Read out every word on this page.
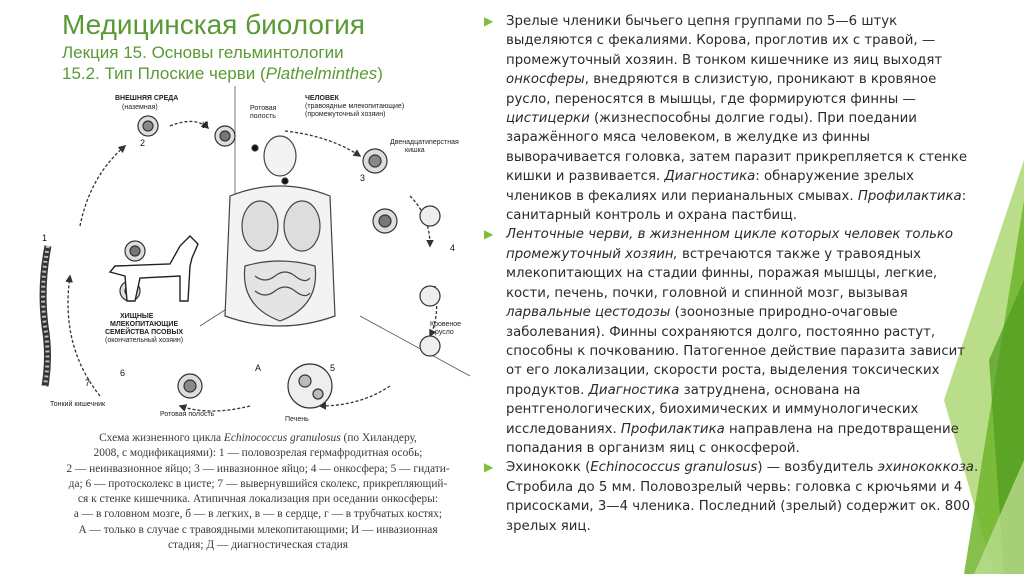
Медицинская биология
Лекция 15. Основы гельминтологии
15.2. Тип Плоские черви (Plathelminthes)
ВНЕШНЯЯ СРЕДА
(наземная)	Ротовая
полость
ЧЕЛОВЕК
(травоядные млекопитающие)
(промежуточный хозяин)
Двенадцатиперстная
кишка
Кровеное
русло
Печень
Ротовая полость
Тонкий кишечник
ХИЩНЫЕ
МЛЕКОПИТАЮЩИЕ
СЕМЕЙСТВА ПСОВЫХ
(окончательный хозяин)
1
2
3
4
5
6
7
А
И

Схема жизненного цикла Echinococcus granulosus (по Хиландеру,

2008, с модификациями): 1 — половозрелая гермафродитная особь;

2 — неинвазионное яйцо; 3 — инвазионное яйцо; 4 — онкосфера; 5 — гидати-

да; 6 — протосколекс в цисте; 7 — вывернувшийся сколекс, прикрепляющий-

ся к стенке кишечника. Атипичная локализация при оседании онкосферы:

а — в головном мозге, б — в легких, в — в сердце, г — в трубчатых костях;

А — только в случае с травоядными млекопитающими; И — инвазионная

стадия; Д — диагностическая стадия

▶ Зрелые членики бычьего цепня группами по 5—6 штук выделяются с фекалиями. Корова, проглотив их с травой, — промежуточный хозяин. В тонком кишечнике из яиц выходят онкосферы, внедряются в слизистую, проникают в кровяное русло, переносятся в мышцы, где формируются финны — цистицерки (жизнеспособны долгие годы). При поедании заражённого мяса человеком, в желудке из финны выворачивается головка, затем паразит прикрепляется к стенке кишки и развивается. Диагностика: обнаружение зрелых члеников в фекалиях или перианальных смывах. Профилактика: санитарный контроль и охрана пастбищ.

▶ Ленточные черви, в жизненном цикле которых человек только промежуточный хозяин, встречаются также у травоядных млекопитающих на стадии финны, поражая мышцы, легкие, кости, печень, почки, головной и спинной мозг, вызывая ларвальные цестодозы (зоонозные природно-очаговые заболевания). Финны сохраняются долго, постоянно растут, способны к почкованию. Патогенное действие паразита зависит от его локализации, скорости роста, выделения токсических продуктов. Диагностика затруднена, основана на рентгенологических, биохимических и иммунологических исследованиях. Профилактика направлена на предотвращение попадания в организм яиц с онкосферой.

▶ Эхинококк (Echinococcus granulosus) — возбудитель эхинококкоза. Стробила до 5 мм. Половозрелый червь: головка с крючьями и 4 присосками, 3—4 членика. Последний (зрелый) содержит ок. 800 зрелых яиц.
